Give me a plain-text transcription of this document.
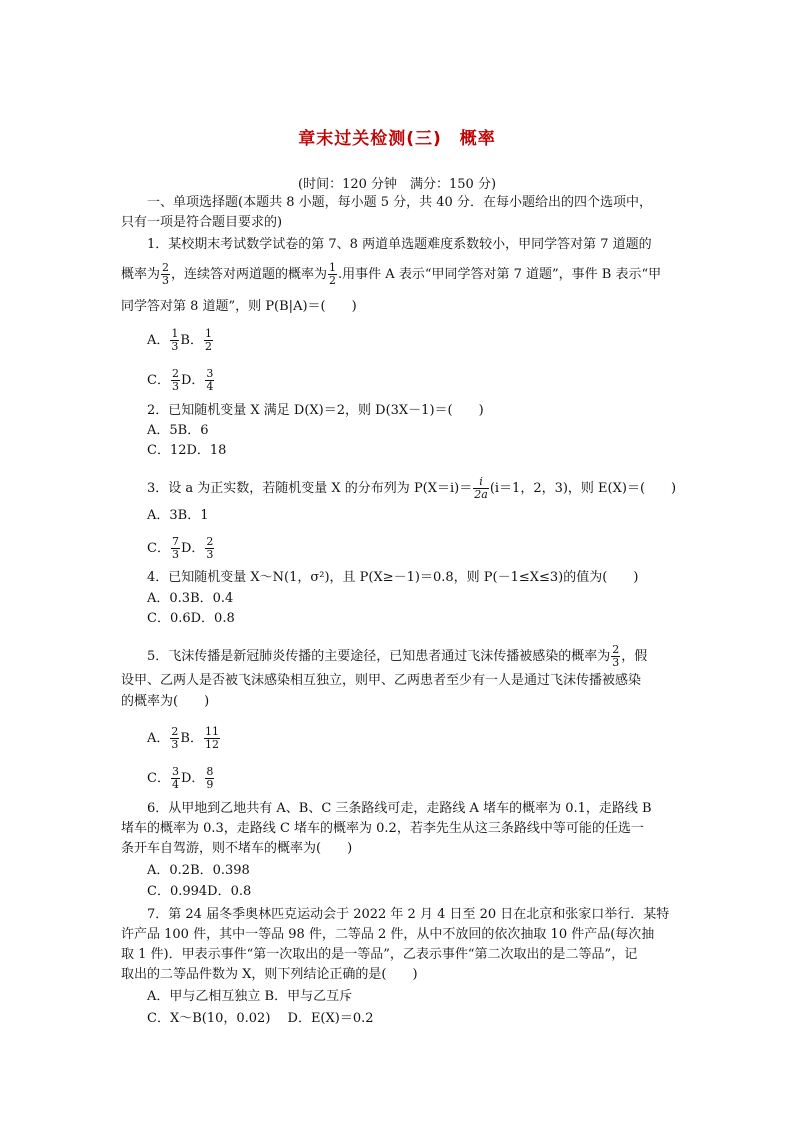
章末过关检测(三)　概率
(时间：120 分钟　满分：150 分)
一、单项选择题(本题共 8 小题，每小题 5 分，共 40 分．在每小题给出的四个选项中，
只有一项是符合题目要求的)
1．某校期末考试数学试卷的第 7、8 两道单选题难度系数较小，甲同学答对第 7 道题的
概率为 $\frac{2}{3}$ ，连续答对两道题的概率为 $\frac{1}{2}$ .用事件 A 表示“甲同学答对第 7 道题”，事件 B 表示“甲
同学答对第 8 道题”，则 P(B|A)＝(　　)
A． $\frac{1}{3}$ B． $\frac{1}{2}$
C． $\frac{2}{3}$ D． $\frac{3}{4}$
2．已知随机变量 X 满足 D(X)＝2，则 D(3X－1)＝(　　)
A．5B．6
C．12D．18
3．设 a 为正实数，若随机变量 X 的分布列为 $P(X=i)= \frac{i}{2a} (i=1$，2，3)，则 E(X)＝(　　)
A．3B．1
C． $\frac{7}{3}$ D． $\frac{2}{3}$
4．已知随机变量 X～N(1，σ²)，且 P(X≥－1)＝0.8，则 P(－1≤X≤3)的值为(　　)
A．0.3B．0.4
C．0.6D．0.8
5．飞沫传播是新冠肺炎传播的主要途径，已知患者通过飞沫传播被感染的概率为 $\frac{2}{3}$ ，假
设甲、乙两人是否被飞沫感染相互独立，则甲、乙两患者至少有一人是通过飞沫传播被感染
的概率为(　　)
A． $\frac{2}{3}$ B． $\frac{11}{12}$
C． $\frac{3}{4}$ D． $\frac{8}{9}$
6．从甲地到乙地共有 A、B、C 三条路线可走，走路线 A 堵车的概率为 0.1，走路线 B
堵车的概率为 0.3，走路线 C 堵车的概率为 0.2，若李先生从这三条路线中等可能的任选一
条开车自驾游，则不堵车的概率为(　　)
A．0.2B．0.398
C．0.994D．0.8
7．第 24 届冬季奥林匹克运动会于 2022 年 2 月 4 日至 20 日在北京和张家口举行．某特
许产品 100 件，其中一等品 98 件，二等品 2 件，从中不放回的依次抽取 10 件产品(每次抽
取 1 件)．甲表示事件“第一次取出的是一等品”，乙表示事件“第二次取出的是二等品”，记
取出的二等品件数为 X，则下列结论正确的是(　　)
A．甲与乙相互独立 B．甲与乙互斥
C．X～B(10，0.02)　 D．E(X)＝0.2
